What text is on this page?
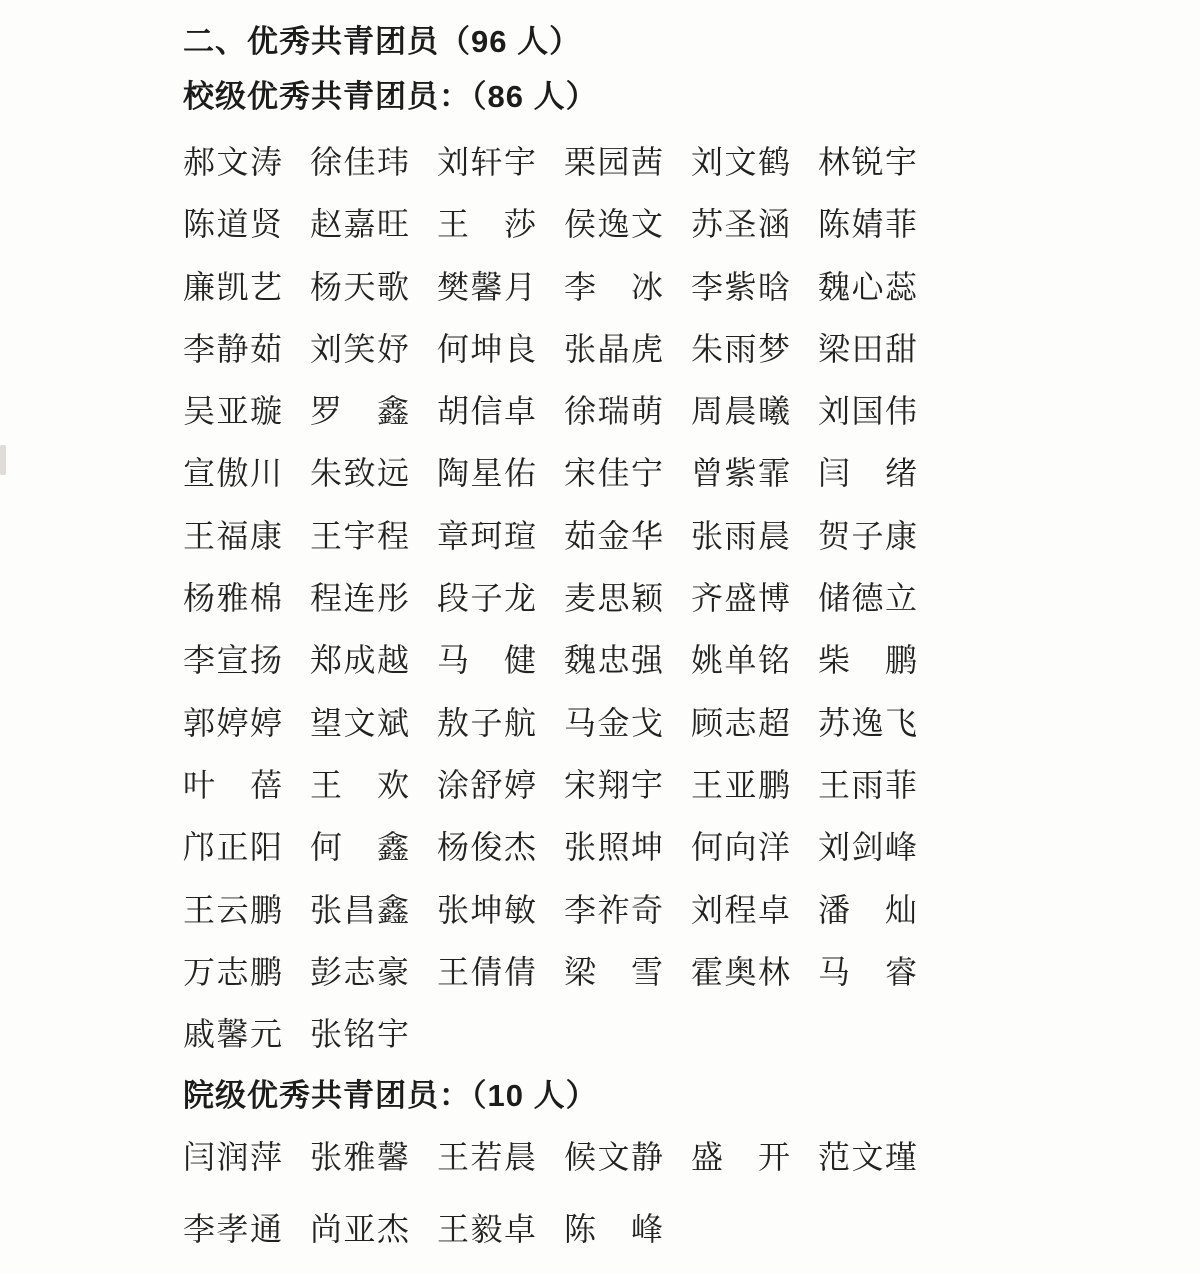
二、优秀共青团员（96 人）
校级优秀共青团员：（86 人）
郝文涛 徐佳玮 刘轩宇 栗园茜 刘文鹤 林锐宇
陈道贤 赵嘉旺 王　莎 侯逸文 苏圣涵 陈婧菲
廉凯艺 杨天歌 樊馨月 李　冰 李紫晗 魏心蕊
李静茹 刘笑妤 何坤良 张晶虎 朱雨梦 梁田甜
吴亚璇 罗　鑫 胡信卓 徐瑞萌 周晨曦 刘国伟
宣傲川 朱致远 陶星佑 宋佳宁 曾紫霏 闫　绪
王福康 王宇程 章珂瑄 茹金华 张雨晨 贺子康
杨雅棉 程连彤 段子龙 麦思颖 齐盛博 储德立
李宣扬 郑成越 马　健 魏忠强 姚单铭 柴　鹏
郭婷婷 望文斌 敖子航 马金戈 顾志超 苏逸飞
叶　蓓 王　欢 涂舒婷 宋翔宇 王亚鹏 王雨菲
邝正阳 何　鑫 杨俊杰 张照坤 何向洋 刘剑峰
王云鹏 张昌鑫 张坤敏 李祚奇 刘程卓 潘　灿
万志鹏 彭志豪 王倩倩 梁　雪 霍奥林 马　睿
戚馨元 张铭宇
院级优秀共青团员：（10 人）
闫润萍 张雅馨 王若晨 候文静 盛　开 范文瑾
李孝通 尚亚杰 王毅卓 陈　峰
